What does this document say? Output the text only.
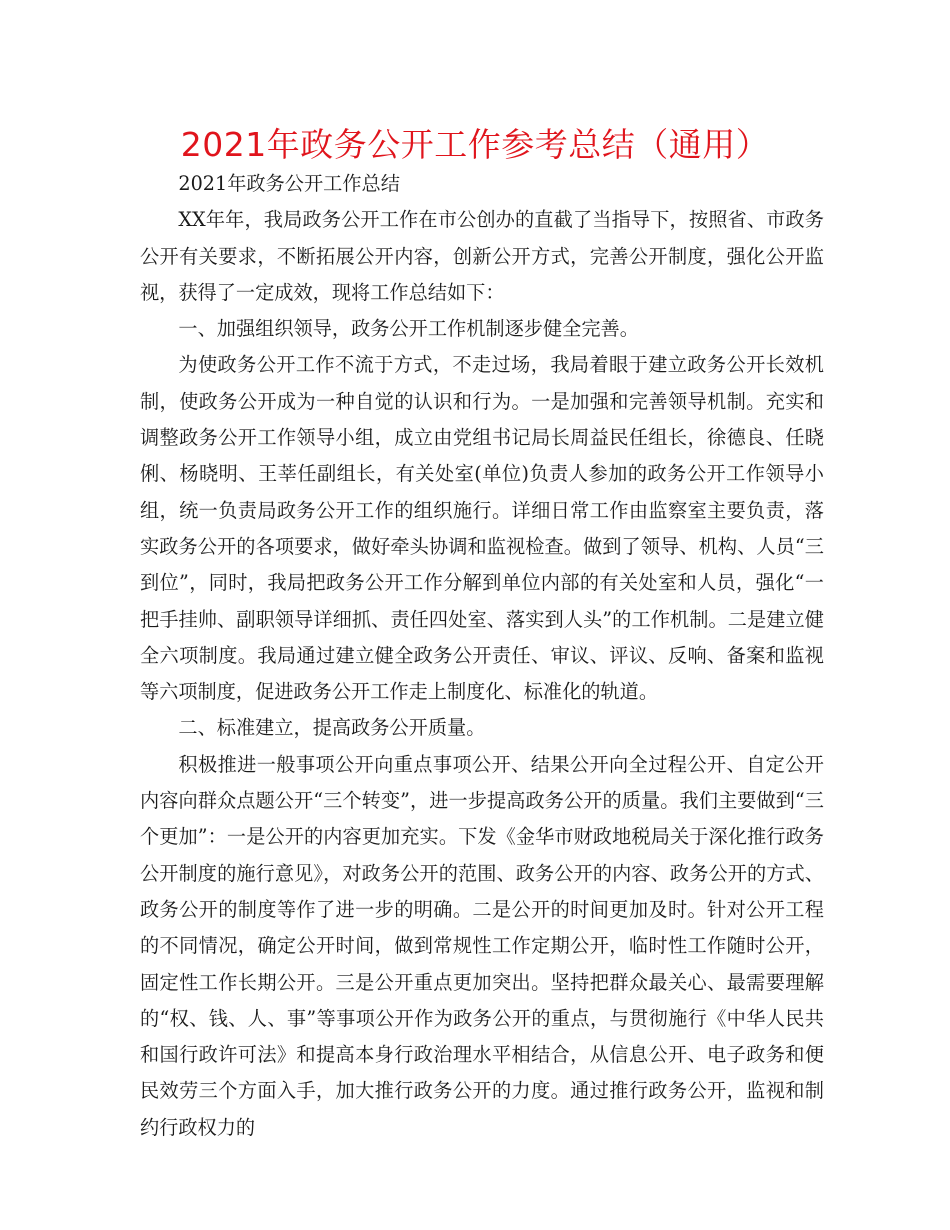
2021年政务公开工作参考总结（通用）

2021年政务公开工作总结

XX年年，我局政务公开工作在市公创办的直截了当指导下，按照省、市政务公开有关要求，不断拓展公开内容，创新公开方式，完善公开制度，强化公开监视，获得了一定成效，现将工作总结如下：

一、加强组织领导，政务公开工作机制逐步健全完善。

为使政务公开工作不流于方式，不走过场，我局着眼于建立政务公开长效机制，使政务公开成为一种自觉的认识和行为。一是加强和完善领导机制。充实和调整政务公开工作领导小组，成立由党组书记局长周益民任组长，徐德良、任晓俐、杨晓明、王莘任副组长，有关处室(单位)负责人参加的政务公开工作领导小组，统一负责局政务公开工作的组织施行。详细日常工作由监察室主要负责，落实政务公开的各项要求，做好牵头协调和监视检查。做到了领导、机构、人员“三到位”，同时，我局把政务公开工作分解到单位内部的有关处室和人员，强化“一把手挂帅、副职领导详细抓、责任四处室、落实到人头”的工作机制。二是建立健全六项制度。我局通过建立健全政务公开责任、审议、评议、反响、备案和监视等六项制度，促进政务公开工作走上制度化、标准化的轨道。

二、标准建立，提高政务公开质量。

积极推进一般事项公开向重点事项公开、结果公开向全过程公开、自定公开内容向群众点题公开“三个转变”，进一步提高政务公开的质量。我们主要做到“三个更加”：一是公开的内容更加充实。下发《金华市财政地税局关于深化推行政务公开制度的施行意见》，对政务公开的范围、政务公开的内容、政务公开的方式、政务公开的制度等作了进一步的明确。二是公开的时间更加及时。针对公开工程的不同情况，确定公开时间，做到常规性工作定期公开，临时性工作随时公开，固定性工作长期公开。三是公开重点更加突出。坚持把群众最关心、最需要理解的“权、钱、人、事”等事项公开作为政务公开的重点，与贯彻施行《中华人民共和国行政许可法》和提高本身行政治理水平相结合，从信息公开、电子政务和便民效劳三个方面入手，加大推行政务公开的力度。通过推行政务公开，监视和制约行政权力的
